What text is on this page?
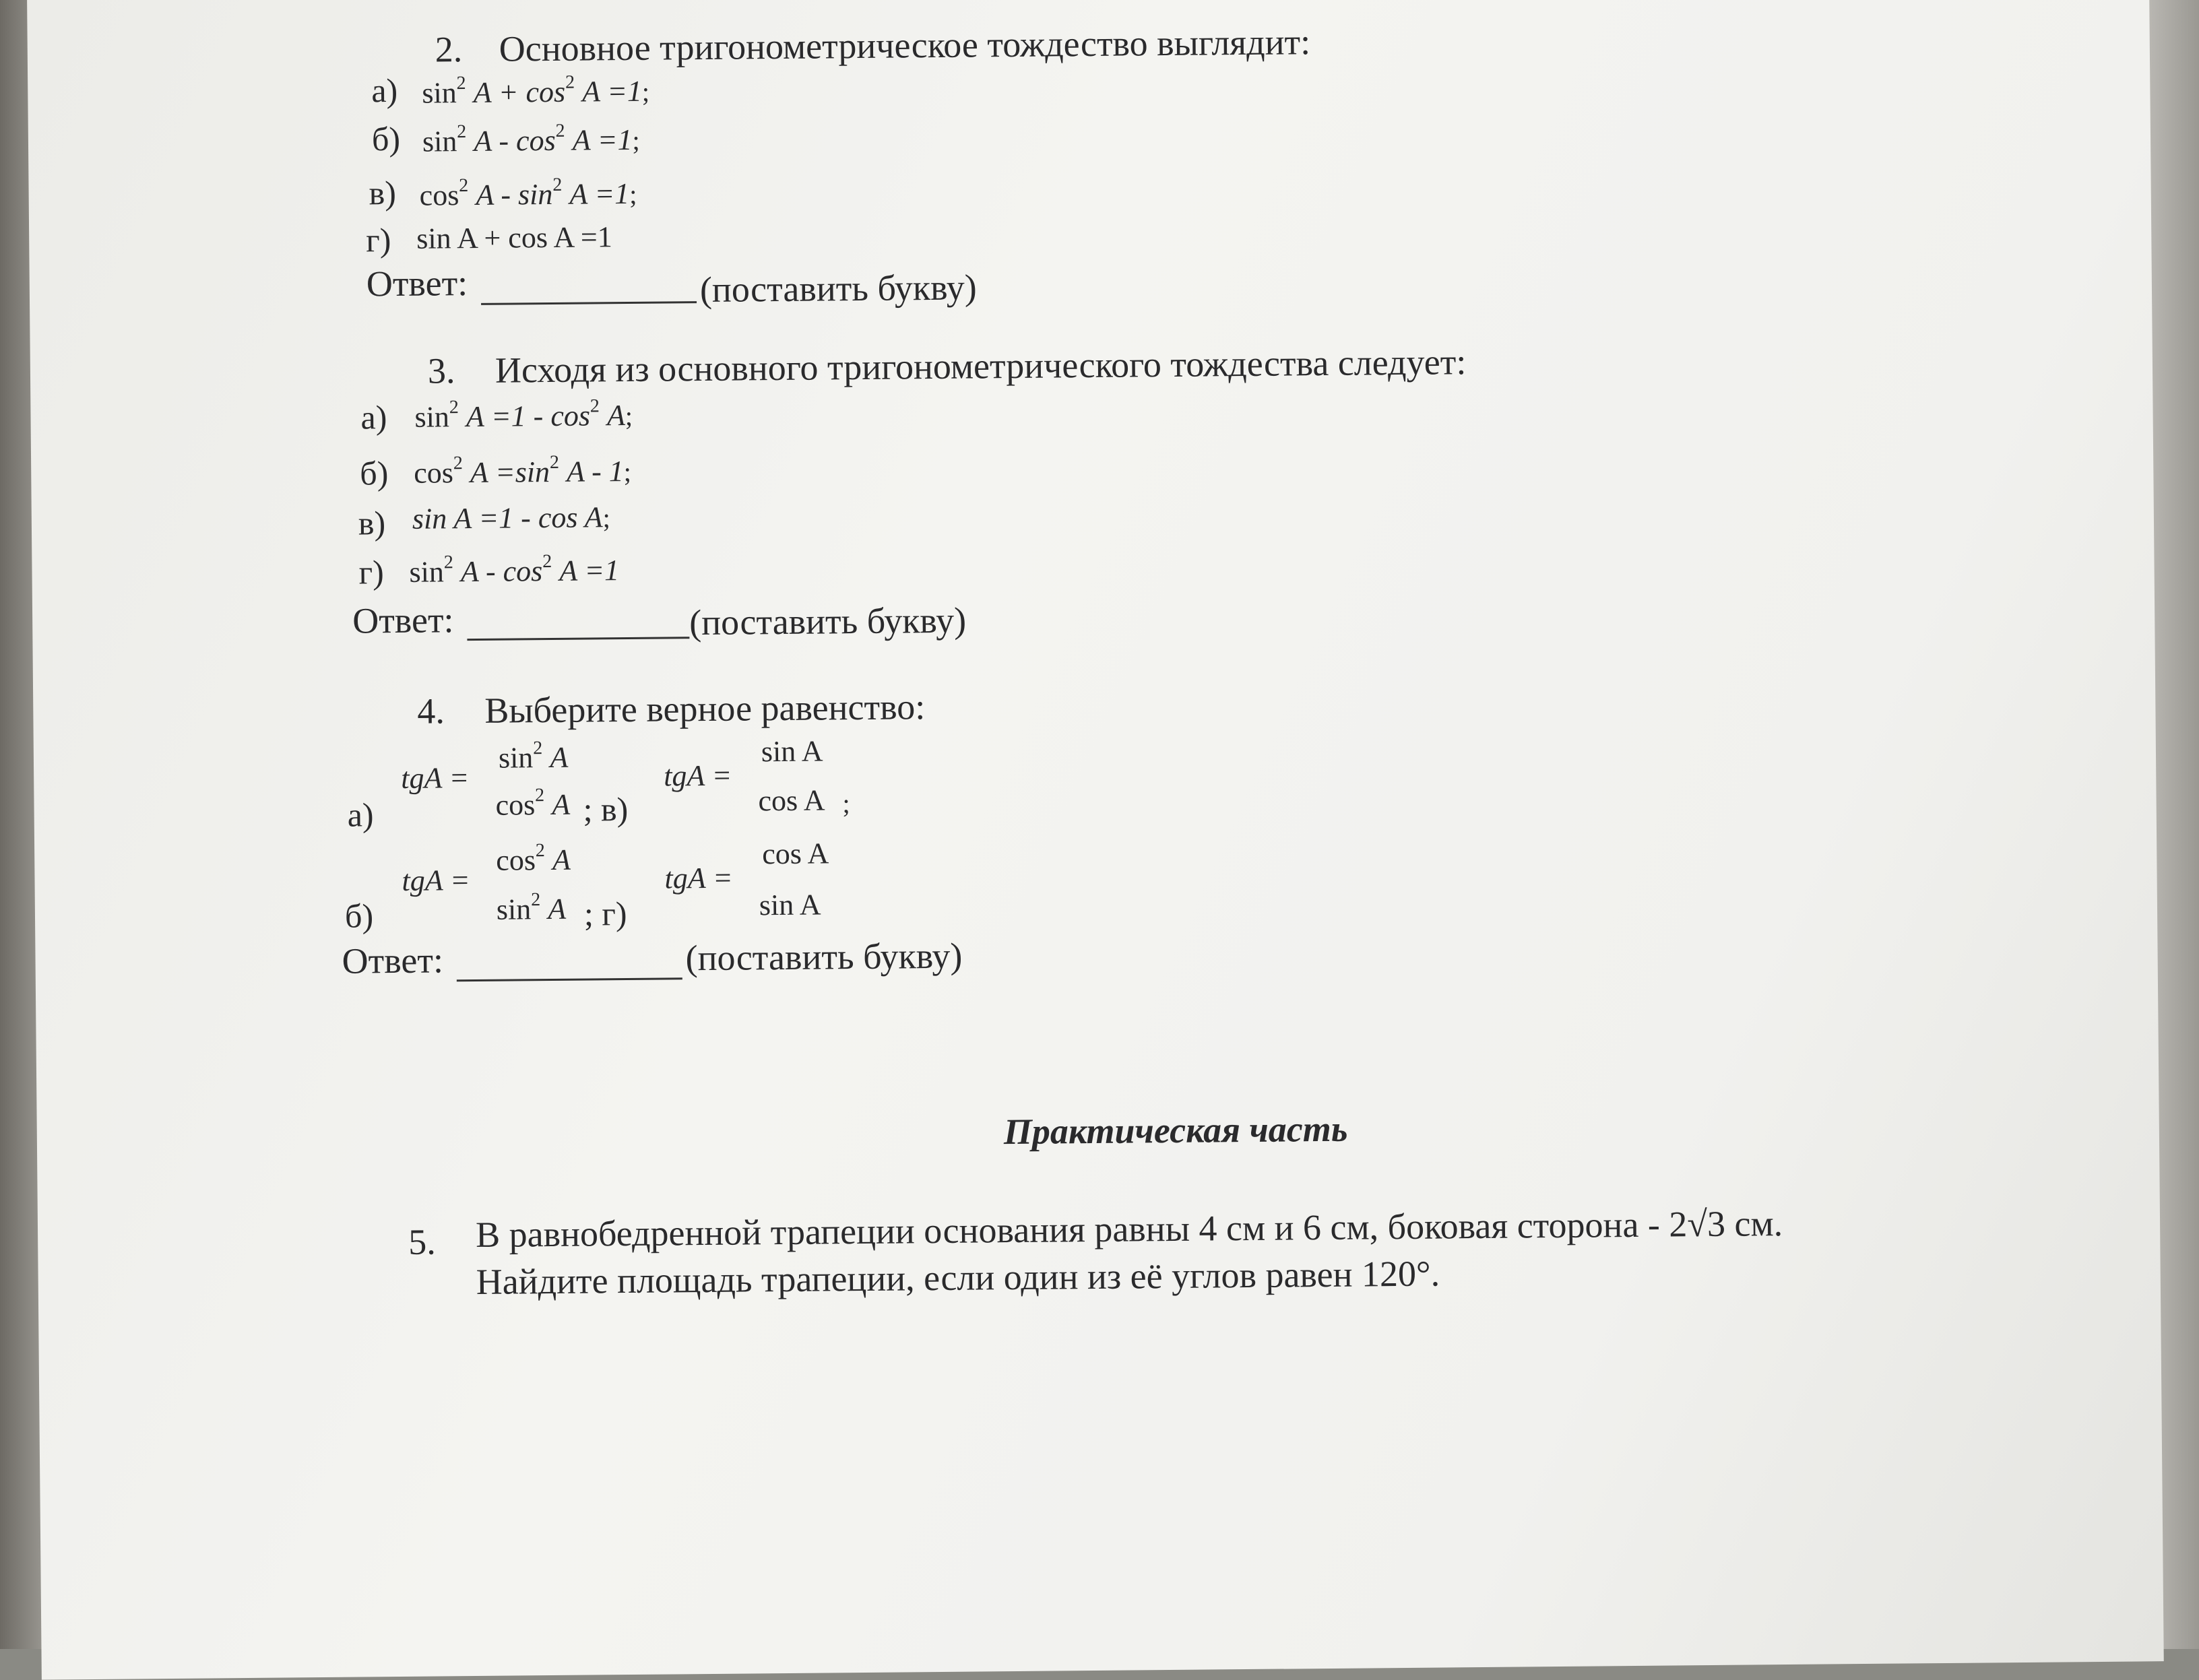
2. Основное тригонометрическое тождество выглядит:
а) $\sin^2 A + \cos^2 A =1$;
б) $\sin^2 A - \cos^2 A =1$;
в) $\cos^2 A - \sin^2 A =1$;
г) sin A + cos A =1
Ответ:	(поставить букву)
3. Исходя из основного тригонометрического тождества следует:
а) $\sin^2 A =1 - \cos^2 A$;
б) $\cos^2 A =\sin^2$ A - 1;
в) sin A =1 - cos A;
г) $\sin^2 A - \cos^2 A =1$
Ответ:	(поставить букву)
4. Выберите верное равенство:
а)
tgA =
$\sin^2 A$
$\cos^2 A$ ; в)
tgA =
sin A
cos A ;
б)
tgA =
$\cos^2 A$
$\sin^2 A$ ; г)
tgA =
cos A
sin A
Ответ:	(поставить букву)
Практическая часть
5. В равнобедренной трапеции основания равны 4 см и 6 см, боковая сторона - 2√3 см.
Найдите площадь трапеции, если один из её углов равен 120°.
